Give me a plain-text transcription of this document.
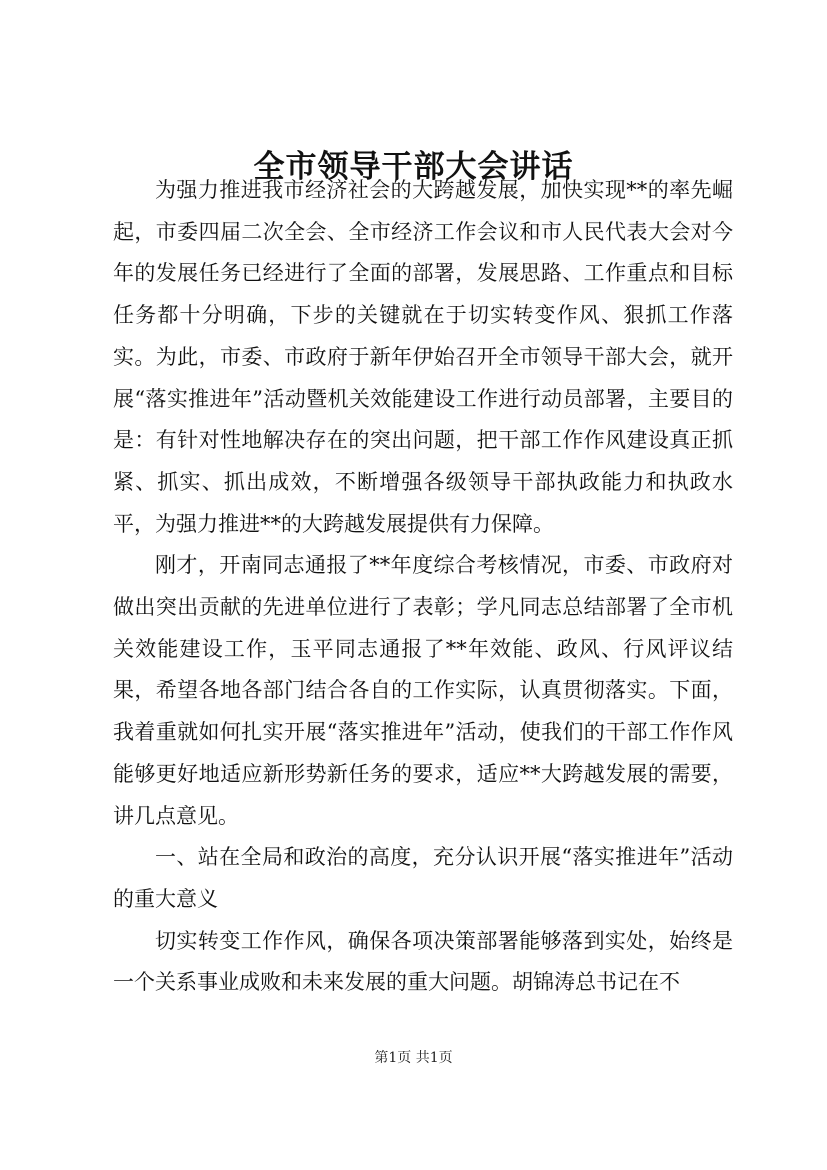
全市领导干部大会讲话

为强力推进我市经济社会的大跨越发展，加快实现**的率先崛起，市委四届二次全会、全市经济工作会议和市人民代表大会对今年的发展任务已经进行了全面的部署，发展思路、工作重点和目标任务都十分明确，下步的关键就在于切实转变作风、狠抓工作落实。为此，市委、市政府于新年伊始召开全市领导干部大会，就开展“落实推进年”活动暨机关效能建设工作进行动员部署，主要目的是：有针对性地解决存在的突出问题，把干部工作作风建设真正抓紧、抓实、抓出成效，不断增强各级领导干部执政能力和执政水平，为强力推进**的大跨越发展提供有力保障。

刚才，开南同志通报了**年度综合考核情况，市委、市政府对做出突出贡献的先进单位进行了表彰；学凡同志总结部署了全市机关效能建设工作，玉平同志通报了**年效能、政风、行风评议结果，希望各地各部门结合各自的工作实际，认真贯彻落实。下面，我着重就如何扎实开展“落实推进年”活动，使我们的干部工作作风能够更好地适应新形势新任务的要求，适应**大跨越发展的需要，讲几点意见。

一、站在全局和政治的高度，充分认识开展“落实推进年”活动的重大意义

切实转变工作作风，确保各项决策部署能够落到实处，始终是一个关系事业成败和未来发展的重大问题。胡锦涛总书记在不

第1页 共1页
